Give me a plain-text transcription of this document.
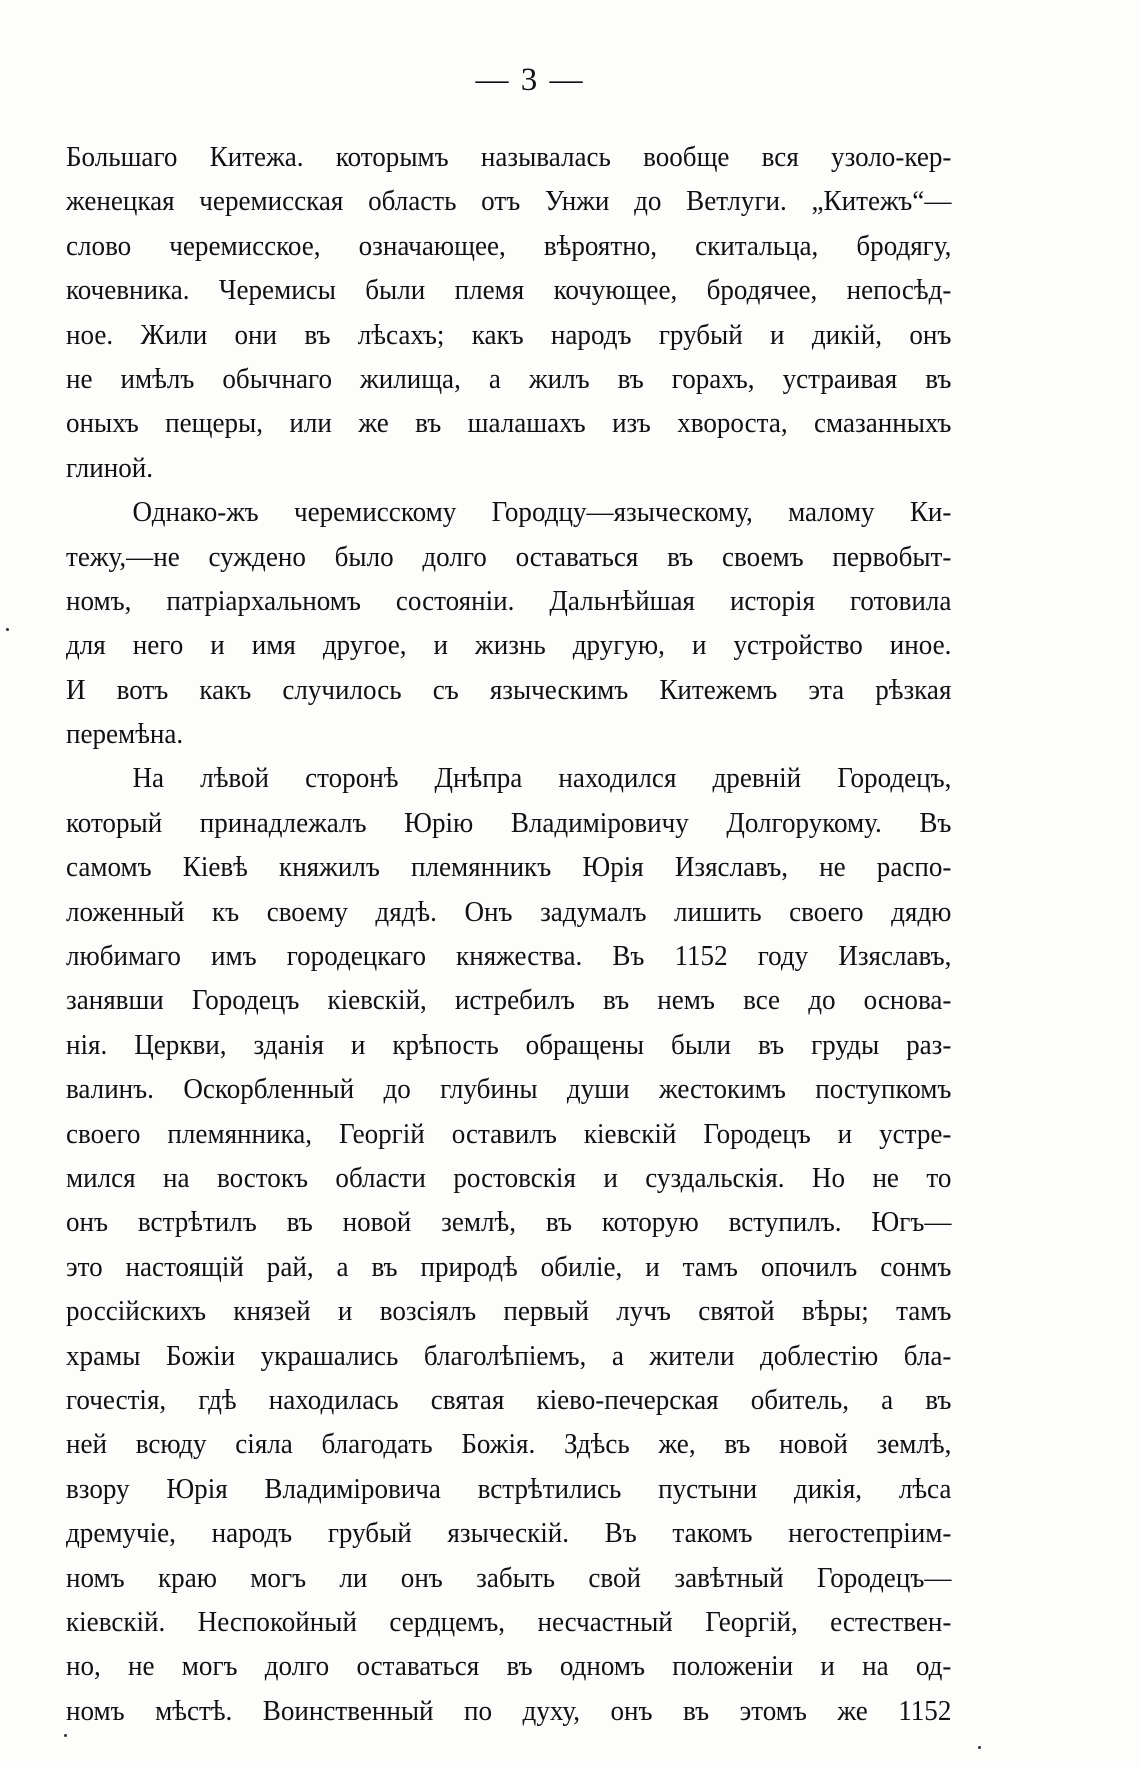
— 3 —
Большаго Китежа. которымъ называлась вообще вся узоло-кер-
женецкая черемисская область отъ Унжи до Ветлуги. „Китежъ“—
слово черемисское, означающее, вѣроятно, скитальца, бродягу,
кочевника. Черемисы были племя кочующее, бродячее, непосѣд-
ное. Жили они въ лѣсахъ; какъ народъ грубый и дикій, онъ
не имѣлъ обычнаго жилища, а жилъ въ горахъ, устраивая въ
оныхъ пещеры, или же въ шалашахъ изъ хвороста, смазанныхъ
глиной.
Однако-жъ черемисскому Городцу—языческому, малому Ки-
тежу,—не суждено было долго оставаться въ своемъ первобыт-
номъ, патріархальномъ состояніи. Дальнѣйшая исторія готовила
для него и имя другое, и жизнь другую, и устройство иное.
И вотъ какъ случилось съ языческимъ Китежемъ эта рѣзкая
перемѣна.
На лѣвой сторонѣ Днѣпра находился древній Городецъ,
который принадлежалъ Юрію Владиміровичу Долгорукому. Въ
самомъ Кіевѣ княжилъ племянникъ Юрія Изяславъ, не распо-
ложенный къ своему дядѣ. Онъ задумалъ лишить своего дядю
любимаго имъ городецкаго княжества. Въ 1152 году Изяславъ,
занявши Городецъ кіевскій, истребилъ въ немъ все до основа-
нія. Церкви, зданія и крѣпость обращены были въ груды раз-
валинъ. Оскорбленный до глубины души жестокимъ поступкомъ
своего племянника, Георгій оставилъ кіевскій Городецъ и устре-
мился на востокъ области ростовскія и суздальскія. Но не то
онъ встрѣтилъ въ новой землѣ, въ которую вступилъ. Югъ—
это настоящій рай, а въ природѣ обиліе, и тамъ опочилъ сонмъ
россійскихъ князей и возсіялъ первый лучъ святой вѣры; тамъ
храмы Божіи украшались благолѣпіемъ, а жители доблестію бла-
гочестія, гдѣ находилась святая кіево-печерская обитель, а въ
ней всюду сіяла благодать Божія. Здѣсь же, въ новой землѣ,
взору Юрія Владиміровича встрѣтились пустыни дикія, лѣса
дремучіе, народъ грубый языческій. Въ такомъ негостепріим-
номъ краю могъ ли онъ забыть свой завѣтный Городецъ—
кіевскій. Неспокойный сердцемъ, несчастный Георгій, естествен-
но, не могъ долго оставаться въ одномъ положеніи и на од-
номъ мѣстѣ. Воинственный по духу, онъ въ этомъ же 1152
